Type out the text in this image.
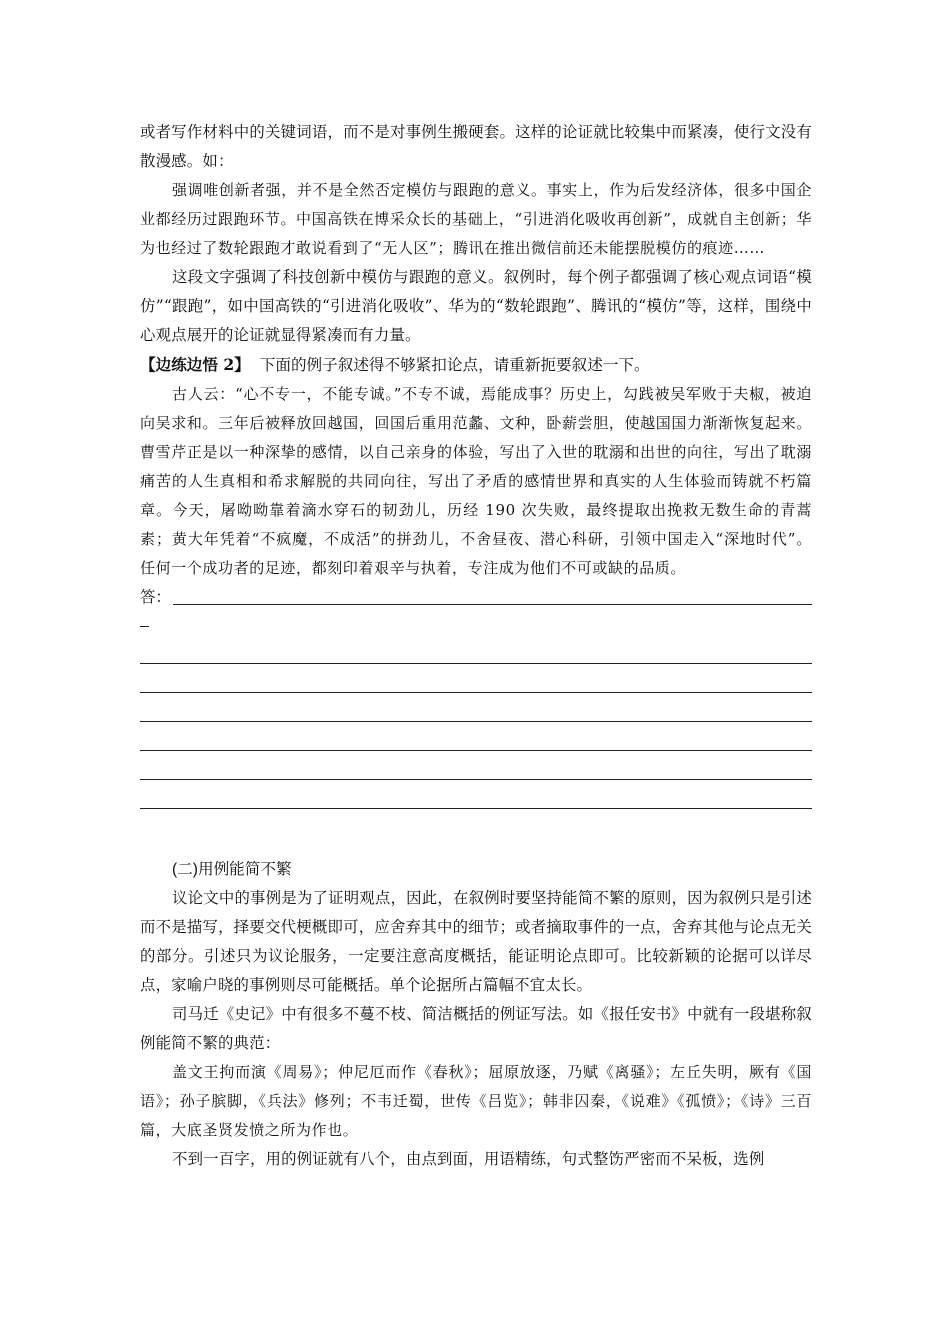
或者写作材料中的关键词语，而不是对事例生搬硬套。这样的论证就比较集中而紧凑，使行文没有散漫感。如：

强调唯创新者强，并不是全然否定模仿与跟跑的意义。事实上，作为后发经济体，很多中国企业都经历过跟跑环节。中国高铁在博采众长的基础上，“引进消化吸收再创新”，成就自主创新；华为也经过了数轮跟跑才敢说看到了“无人区”；腾讯在推出微信前还未能摆脱模仿的痕迹……

这段文字强调了科技创新中模仿与跟跑的意义。叙例时，每个例子都强调了核心观点词语“模仿”“跟跑”，如中国高铁的“引进消化吸收”、华为的“数轮跟跑”、腾讯的“模仿”等，这样，围绕中心观点展开的论证就显得紧凑而有力量。

【边练边悟 2】 下面的例子叙述得不够紧扣论点，请重新扼要叙述一下。

古人云：“心不专一，不能专诚。”不专不诚，焉能成事？历史上，勾践被吴军败于夫椒，被迫向吴求和。三年后被释放回越国，回国后重用范蠡、文种，卧薪尝胆，使越国国力渐渐恢复起来。曹雪芹正是以一种深挚的感情，以自己亲身的体验，写出了入世的耽溺和出世的向往，写出了耽溺痛苦的人生真相和希求解脱的共同向往，写出了矛盾的感情世界和真实的人生体验而铸就不朽篇章。今天，屠呦呦靠着滴水穿石的韧劲儿，历经 190 次失败，最终提取出挽救无数生命的青蒿素；黄大年凭着“不疯魔，不成活”的拼劲儿，不舍昼夜、潜心科研，引领中国走入“深地时代”。任何一个成功者的足迹，都刻印着艰辛与执着，专注成为他们不可或缺的品质。

答：

(二)用例能简不繁

议论文中的事例是为了证明观点，因此，在叙例时要坚持能简不繁的原则，因为叙例只是引述而不是描写，择要交代梗概即可，应舍弃其中的细节；或者摘取事件的一点，舍弃其他与论点无关的部分。引述只为议论服务，一定要注意高度概括，能证明论点即可。比较新颖的论据可以详尽点，家喻户晓的事例则尽可能概括。单个论据所占篇幅不宜太长。

司马迁《史记》中有很多不蔓不枝、简洁概括的例证写法。如《报任安书》中就有一段堪称叙例能简不繁的典范：

盖文王拘而演《周易》；仲尼厄而作《春秋》；屈原放逐，乃赋《离骚》；左丘失明，厥有《国语》；孙子膑脚，《兵法》修列；不韦迁蜀，世传《吕览》；韩非囚秦，《说难》《孤愤》；《诗》三百篇，大底圣贤发愤之所为作也。

不到一百字，用的例证就有八个，由点到面，用语精练，句式整饬严密而不呆板，选例
